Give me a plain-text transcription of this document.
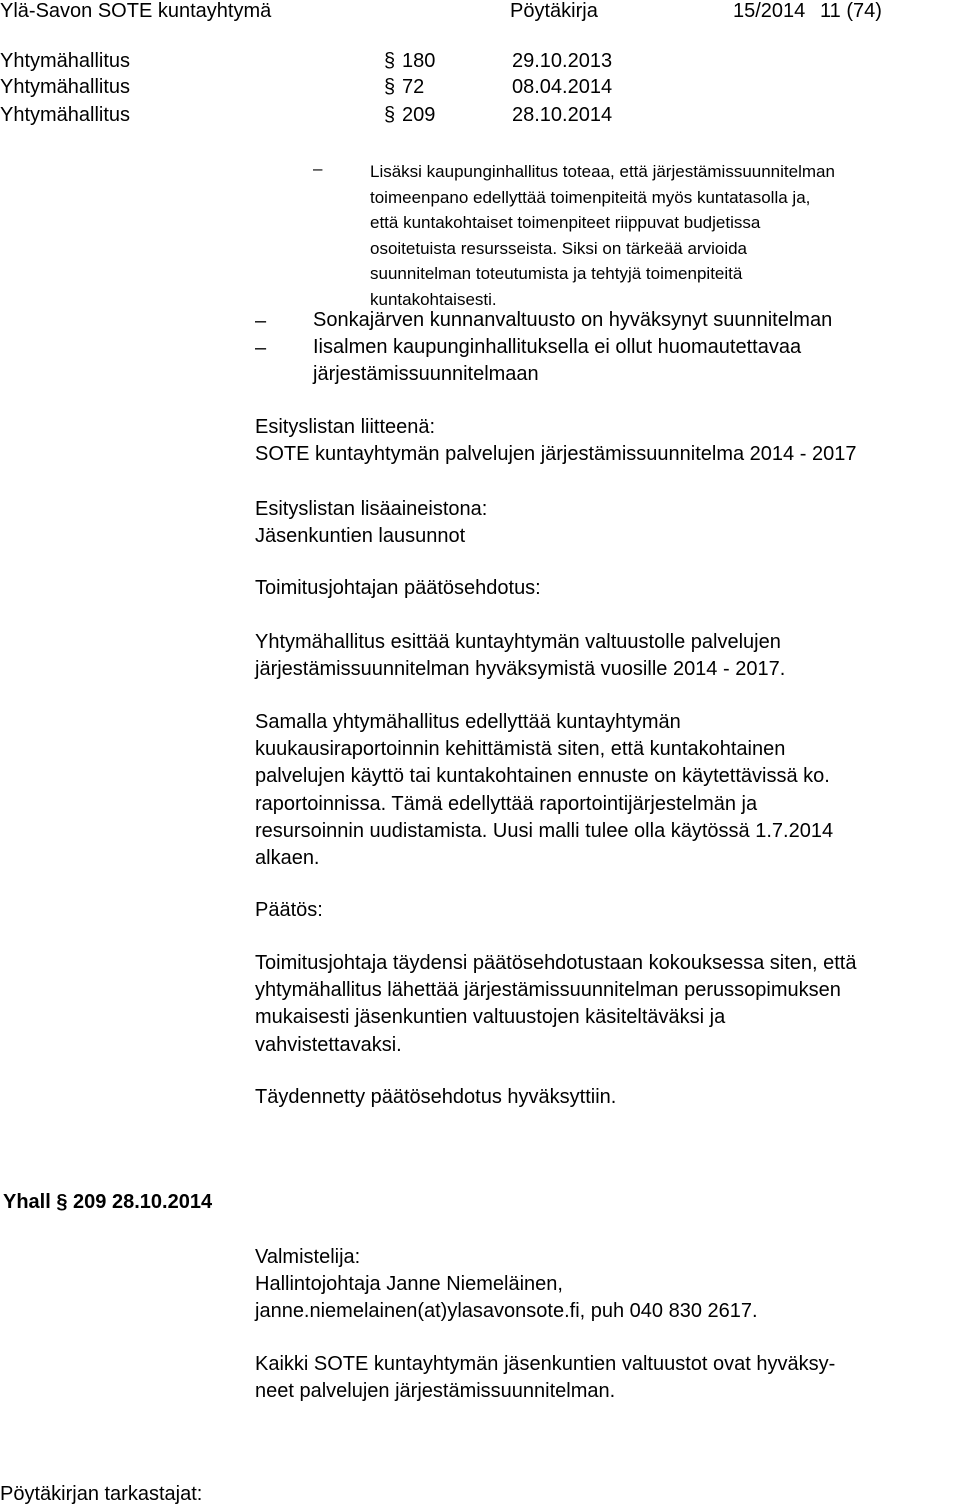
Ylä-Savon SOTE kuntayhtymä	Pöytäkirja	15/2014 11 (74)
Yhtymähallitus	§ 180	29.10.2013
Yhtymähallitus	§ 72	08.04.2014
Yhtymähallitus	§ 209	28.10.2014
–	Lisäksi kaupunginhallitus toteaa, että järjestämissuunnitelman
toimeenpano edellyttää toimenpiteitä myös kuntatasolla ja,
että kuntakohtaiset toimenpiteet riippuvat budjetissa
osoitetuista resursseista. Siksi on tärkeää arvioida
suunnitelman toteutumista ja tehtyjä toimenpiteitä
kuntakohtaisesti.
– Sonkajärven kunnanvaltuusto on hyväksynyt suunnitelman
– Iisalmen kaupunginhallituksella ei ollut huomautettavaa
järjestämissuunnitelmaan
Esityslistan liitteenä:
SOTE kuntayhtymän palvelujen järjestämissuunnitelma 2014 - 2017
Esityslistan lisäaineistona:
Jäsenkuntien lausunnot
Toimitusjohtajan päätösehdotus:
Yhtymähallitus esittää kuntayhtymän valtuustolle palvelujen
järjestämissuunnitelman hyväksymistä vuosille 2014 - 2017.
Samalla yhtymähallitus edellyttää kuntayhtymän
kuukausiraportoinnin kehittämistä siten, että kuntakohtainen
palvelujen käyttö tai kuntakohtainen ennuste on käytettävissä ko.
raportoinnissa. Tämä edellyttää raportointijärjestelmän ja
resursoinnin uudistamista. Uusi malli tulee olla käytössä 1.7.2014
alkaen.
Päätös:
Toimitusjohtaja täydensi päätösehdotustaan kokouksessa siten, että
yhtymähallitus lähettää järjestämissuunnitelman perussopimuksen
mukaisesti jäsenkuntien valtuustojen käsiteltäväksi ja
vahvistettavaksi.
Täydennetty päätösehdotus hyväksyttiin.
Yhall § 209 28.10.2014
Valmistelija:
Hallintojohtaja Janne Niemeläinen,
janne.niemelainen(at)ylasavonsote.fi, puh 040 830 2617.
Kaikki SOTE kuntayhtymän jäsenkuntien valtuustot ovat hyväksy-
neet palvelujen järjestämissuunnitelman.
Pöytäkirjan tarkastajat:
